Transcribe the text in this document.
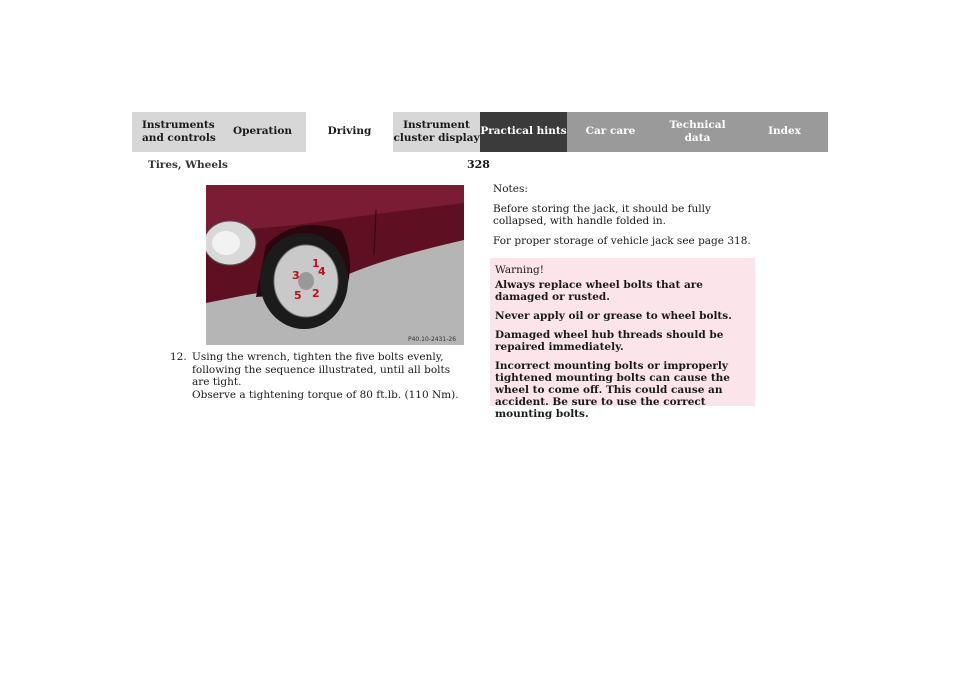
Instruments
and controls
Operation	Driving
Instrument
cluster display
Practical hints	Car care
Technical
data
Index
Tires, Wheels	328
1
2
3 4
5
P40.10-2431-26
12. Using the wrench, tighten the five bolts evenly, following the sequence illustrated, until all bolts are tight.
Observe a tightening torque of 80 ft.lb. (110 Nm).

Notes:

Before storing the jack, it should be fully collapsed, with handle folded in.

For proper storage of vehicle jack see page 318.

Warning!

Always replace wheel bolts that are damaged or rusted.

Never apply oil or grease to wheel bolts.

Damaged wheel hub threads should be repaired immediately.

Incorrect mounting bolts or improperly tightened mounting bolts can cause the wheel to come off. This could cause an accident. Be sure to use the correct mounting bolts.
